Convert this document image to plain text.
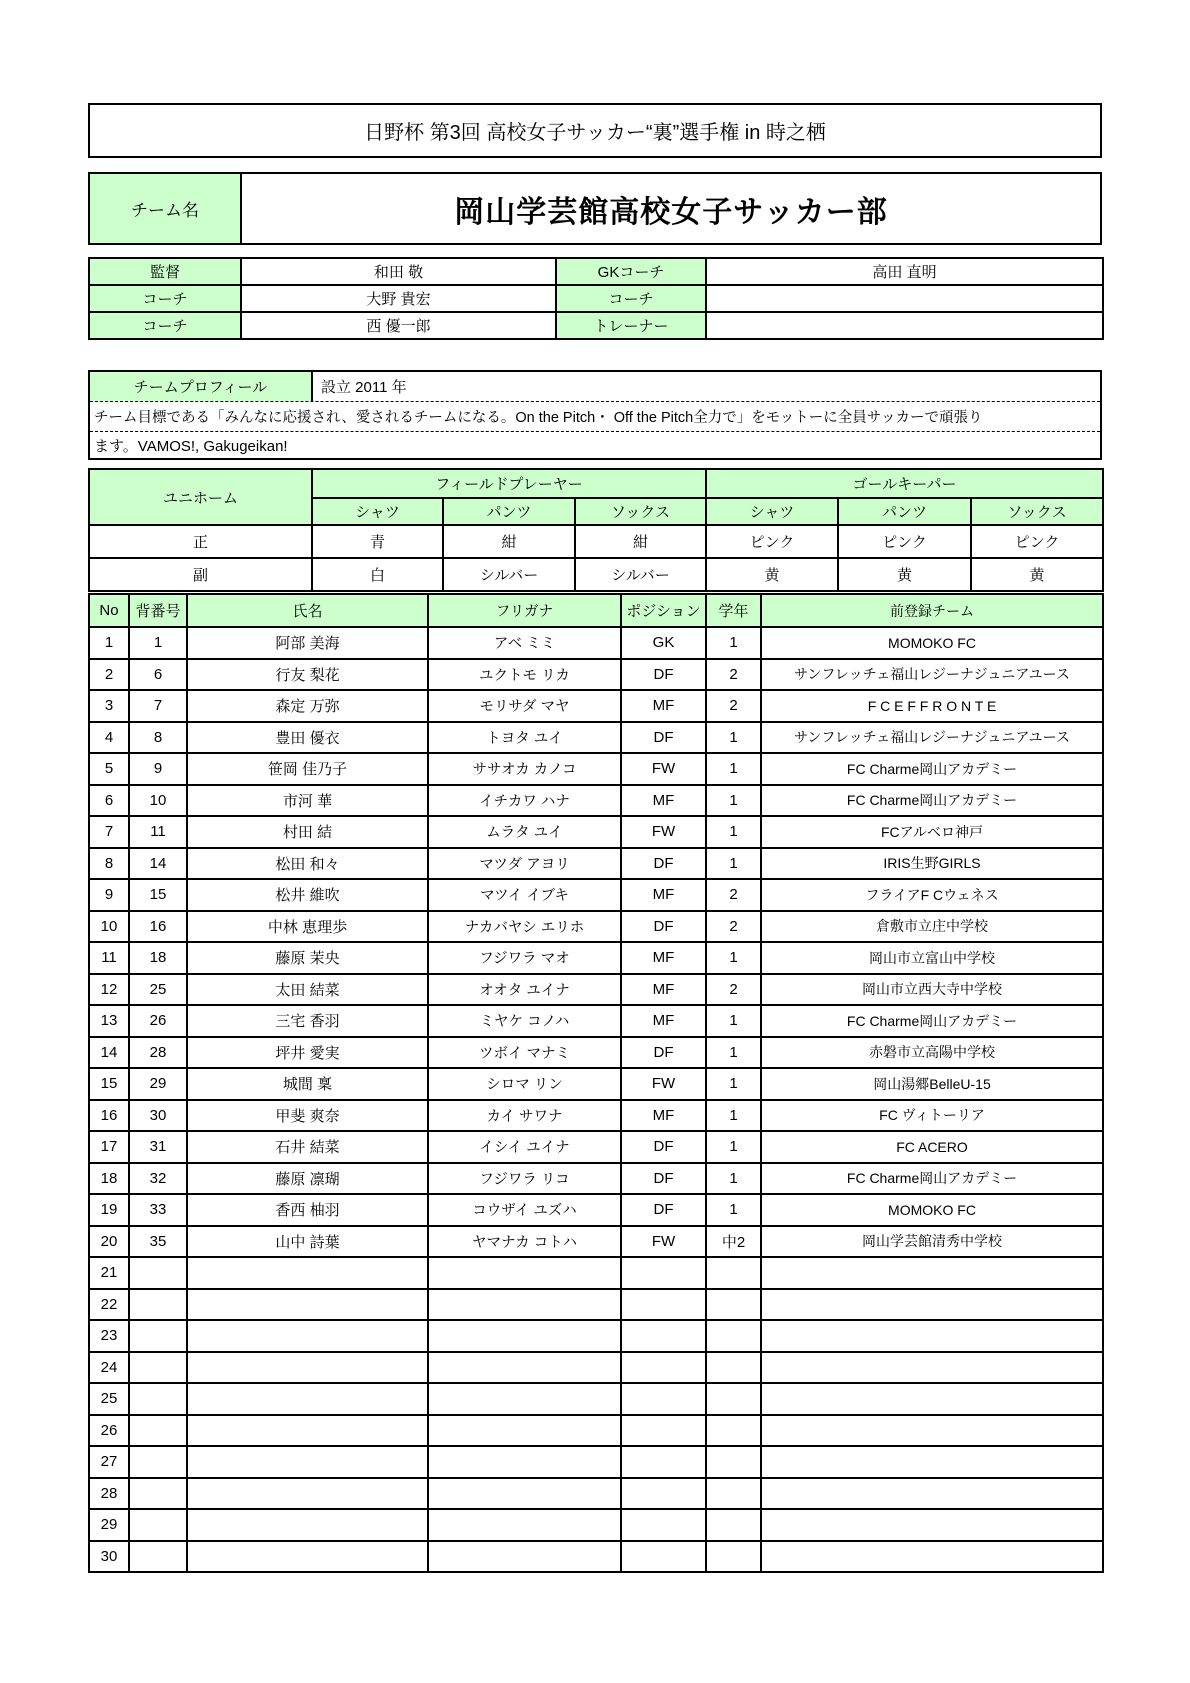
日野杯 第3回 高校女子サッカー“裏”選手権 in 時之栖
チーム名	岡山学芸館高校女子サッカー部
監督	和田 敬	GKコーチ	高田 直明
コーチ	大野 貴宏	コーチ	
コーチ	西 優一郎	トレーナー	
チームプロフィール	設立 2011 年
チーム目標である「みんなに応援され、愛されるチームになる。On the Pitch・ Off the Pitch全力で」をモットーに全員サッカーで頑張り
ます。VAMOS!, Gakugeikan!
ユニホーム	フィールドプレーヤー			ゴールキーパー		
	シャツ	パンツ	ソックス	シャツ	パンツ	ソックス
正	青	紺	紺	ピンク	ピンク	ピンク
副	白	シルバー	シルバー	黄	黄	黄
No	背番号	氏名	フリガナ	ポジション	学年	前登録チーム
1	1	阿部 美海	アベ ミミ	GK	1	MOMOKO FC
2	6	行友 梨花	ユクトモ リカ	DF	2	サンフレッチェ福山レジーナジュニアユース
3	7	森定 万弥	モリサダ マヤ	MF	2	F C E F F R O N T E
4	8	豊田 優衣	トヨタ ユイ	DF	1	サンフレッチェ福山レジーナジュニアユース
5	9	笹岡 佳乃子	ササオカ カノコ	FW	1	FC Charme岡山アカデミー
6	10	市河 華	イチカワ ハナ	MF	1	FC Charme岡山アカデミー
7	11	村田 結	ムラタ ユイ	FW	1	FCアルベロ神戸
8	14	松田 和々	マツダ アヨリ	DF	1	IRIS生野GIRLS
9	15	松井 維吹	マツイ イブキ	MF	2	フライアF Cウェネス
10	16	中林 恵理歩	ナカバヤシ エリホ	DF	2	倉敷市立庄中学校
11	18	藤原 茉央	フジワラ マオ	MF	1	岡山市立富山中学校
12	25	太田 結菜	オオタ ユイナ	MF	2	岡山市立西大寺中学校
13	26	三宅 香羽	ミヤケ コノハ	MF	1	FC Charme岡山アカデミー
14	28	坪井 愛実	ツボイ マナミ	DF	1	赤磐市立高陽中学校
15	29	城間 稟	シロマ リン	FW	1	岡山湯郷BelleU-15
16	30	甲斐 爽奈	カイ サワナ	MF	1	FC ヴィトーリア
17	31	石井 結菜	イシイ ユイナ	DF	1	FC ACERO
18	32	藤原 凛瑚	フジワラ リコ	DF	1	FC Charme岡山アカデミー
19	33	香西 柚羽	コウザイ ユズハ	DF	1	MOMOKO FC
20	35	山中 詩葉	ヤマナカ コトハ	FW	中2	岡山学芸館清秀中学校
21						
22						
23						
24						
25						
26						
27						
28						
29						
30						
